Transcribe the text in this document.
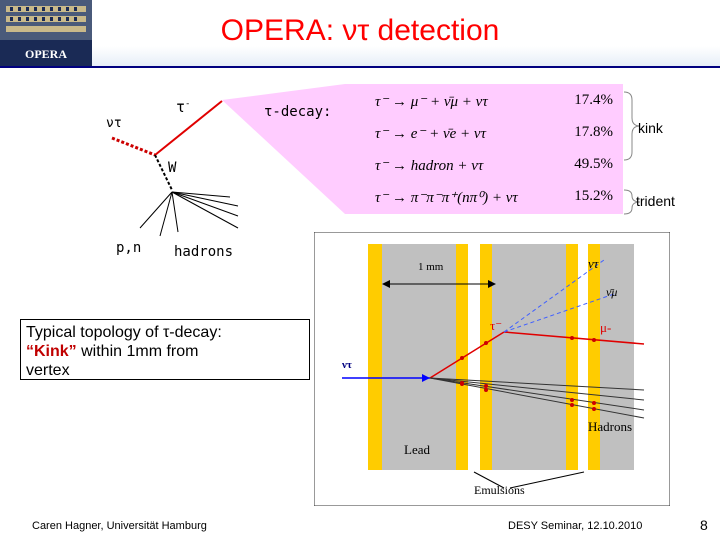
OPERA
OPERA: ντ detection
τ⁻ → μ⁻ + ν̄μ + ντ	17.4%
τ⁻ → e⁻ + ν̄e + ντ	17.8%
τ⁻ → hadron + ντ	49.5%
τ⁻ → π⁻π⁻π⁺(nπ⁰) + ντ	15.2%
ντ
τ-	τ-decay:
W
p,n hadrons
kink
trident
Typical topology of τ-decay:
“Kink” within 1mm from
vertex
1 mm
ντ
τ⁻
ντ
ν̄μ
μ-
Hadrons
Lead
Emulsions
Caren Hagner, Universität Hamburg	DESY Seminar, 12.10.2010	8
